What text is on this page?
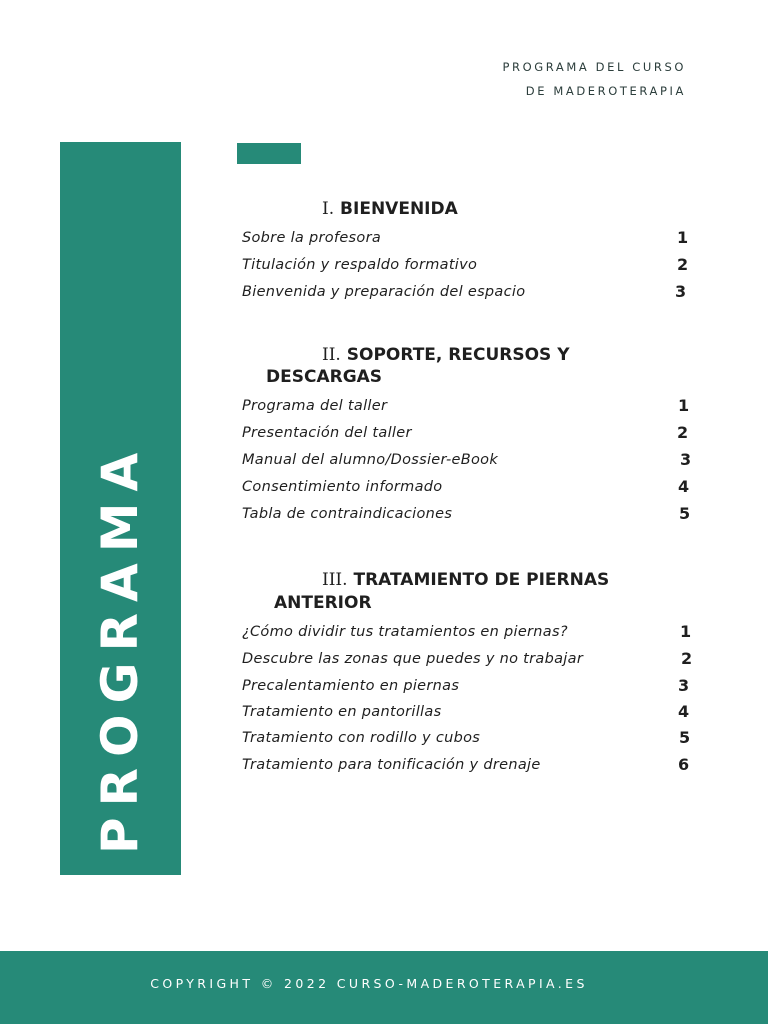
PROGRAMA DEL CURSO
DE MADEROTERAPIA
PROGRAMA
I. BIENVENIDA
Sobre la profesora	1
Titulación y respaldo formativo	2
Bienvenida y preparación del espacio	3
II. SOPORTE, RECURSOS Y
DESCARGAS
Programa del taller	1
Presentación del taller	2
Manual del alumno/Dossier-eBook	3
Consentimiento informado	4
Tabla de contraindicaciones	5
III. TRATAMIENTO DE PIERNAS
ANTERIOR
¿Cómo dividir tus tratamientos en piernas?	1
Descubre las zonas que puedes y no trabajar	2
Precalentamiento en piernas	3
Tratamiento en pantorillas	4
Tratamiento con rodillo y cubos	5
Tratamiento para tonificación y drenaje	6
COPYRIGHT © 2022 CURSO-MADEROTERAPIA.ES
